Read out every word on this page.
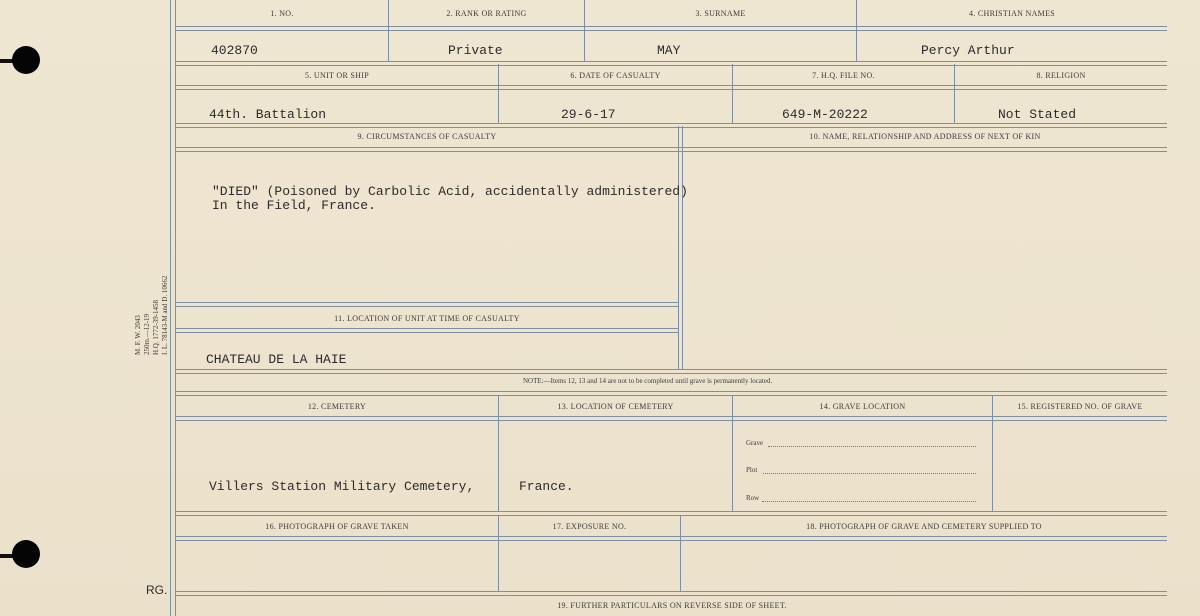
M. F. W. 2043 250m.—12-19 H.Q. 1772-39-1458 I. L. 78143-M and D. 10662
1. NO.	2. RANK OR RATING	3. SURNAME	4. CHRISTIAN NAMES
402870	Private	MAY	Percy Arthur
5. UNIT OR SHIP	6. DATE OF CASUALTY	7. H.Q. FILE NO.	8. RELIGION
44th. Battalion	29-6-17	649-M-20222	Not Stated
9. CIRCUMSTANCES OF CASUALTY	10. NAME, RELATIONSHIP AND ADDRESS OF NEXT OF KIN
"DIED" (Poisoned by Carbolic Acid, accidentally administered)
In the Field, France.
11. LOCATION OF UNIT AT TIME OF CASUALTY
CHATEAU DE LA HAIE
NOTE:—Items 12, 13 and 14 are not to be completed until grave is permanently located.
12. CEMETERY	13. LOCATION OF CEMETERY	14. GRAVE LOCATION	15. REGISTERED NO. OF GRAVE
Villers Station Military Cemetery,	France.
Grave
Plot
Row
16. PHOTOGRAPH OF GRAVE TAKEN	17. EXPOSURE NO.	18. PHOTOGRAPH OF GRAVE AND CEMETERY SUPPLIED TO
19. FURTHER PARTICULARS ON REVERSE SIDE OF SHEET.
RG.
